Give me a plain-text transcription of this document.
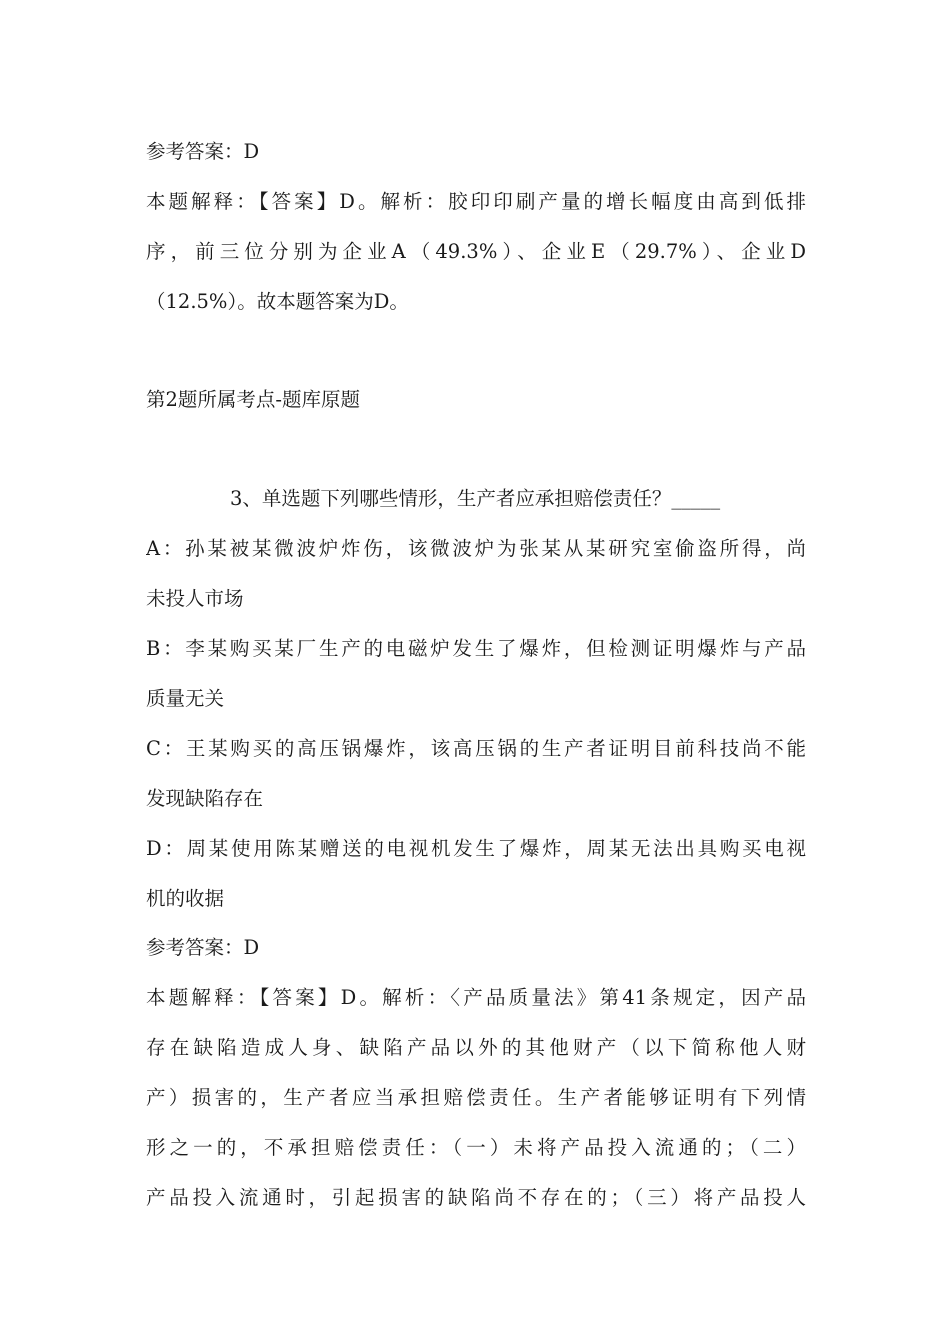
参考答案：D
本题解释：【答案】D。解析：胶印印刷产量的增长幅度由高到低排
序，前三位分别为企业A（49.3%）、企业E（29.7%）、企业D
（12.5%）。故本题答案为D。
第2题所属考点-题库原题
3、单选题下列哪些情形，生产者应承担赔偿责任？_____
A：孙某被某微波炉炸伤，该微波炉为张某从某研究室偷盗所得，尚
未投人市场
B：李某购买某厂生产的电磁炉发生了爆炸，但检测证明爆炸与产品
质量无关
C：王某购买的高压锅爆炸，该高压锅的生产者证明目前科技尚不能
发现缺陷存在
D：周某使用陈某赠送的电视机发生了爆炸，周某无法出具购买电视
机的收据
参考答案：D
本题解释：【答案】D。解析：〈产品质量法》第41条规定，因产品
存在缺陷造成人身、缺陷产品以外的其他财产（以下简称他人财
产）损害的，生产者应当承担赔偿责任。生产者能够证明有下列情
形之一的，不承担赔偿责任：（一）未将产品投入流通的；（二）
产品投入流通时，引起损害的缺陷尚不存在的；（三）将产品投人
